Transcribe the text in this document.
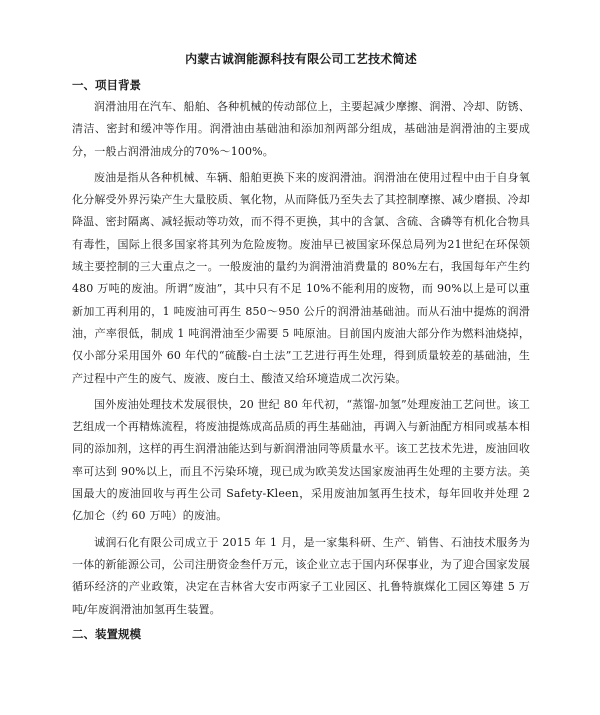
内蒙古诚润能源科技有限公司工艺技术简述
一、项目背景

润滑油用在汽车、船舶、各种机械的传动部位上，主要起减少摩擦、润滑、冷却、防锈、清洁、密封和缓冲等作用。润滑油由基础油和添加剂两部分组成，基础油是润滑油的主要成分，一般占润滑油成分的70%～100%。

废油是指从各种机械、车辆、船舶更换下来的废润滑油。润滑油在使用过程中由于自身氧化分解受外界污染产生大量胶质、氧化物，从而降低乃至失去了其控制摩擦、减少磨损、冷却降温、密封隔离、减轻振动等功效，而不得不更换，其中的含氯、含硫、含磷等有机化合物具有毒性，国际上很多国家将其列为危险废物。废油早已被国家环保总局列为21世纪在环保领域主要控制的三大重点之一。一般废油的量约为润滑油消费量的 80%左右，我国每年产生约 480 万吨的废油。所谓“废油”，其中只有不足 10%不能利用的废物，而 90%以上是可以重新加工再利用的，1 吨废油可再生 850～950 公斤的润滑油基础油。而从石油中提炼的润滑油，产率很低，制成 1 吨润滑油至少需要 5 吨原油。目前国内废油大部分作为燃料油烧掉，仅小部分采用国外 60 年代的“硫酸-白土法”工艺进行再生处理，得到质量较差的基础油，生产过程中产生的废气、废液、废白土、酸渣又给环境造成二次污染。

国外废油处理技术发展很快，20 世纪 80 年代初，“蒸馏-加氢”处理废油工艺问世。该工艺组成一个再精炼流程，将废油提炼成高品质的再生基础油，再调入与新油配方相同或基本相同的添加剂，这样的再生润滑油能达到与新润滑油同等质量水平。该工艺技术先进，废油回收率可达到 90%以上，而且不污染环境，现已成为欧美发达国家废油再生处理的主要方法。美国最大的废油回收与再生公司 Safety-Kleen，采用废油加氢再生技术，每年回收并处理 2 亿加仑（约 60 万吨）的废油。

诚润石化有限公司成立于 2015 年 1 月，是一家集科研、生产、销售、石油技术服务为一体的新能源公司，公司注册资金叁仟万元，该企业立志于国内环保事业，为了迎合国家发展循环经济的产业政策，决定在吉林省大安市两家子工业园区、扎鲁特旗煤化工园区筹建 5 万吨/年废润滑油加氢再生装置。

二、装置规模
